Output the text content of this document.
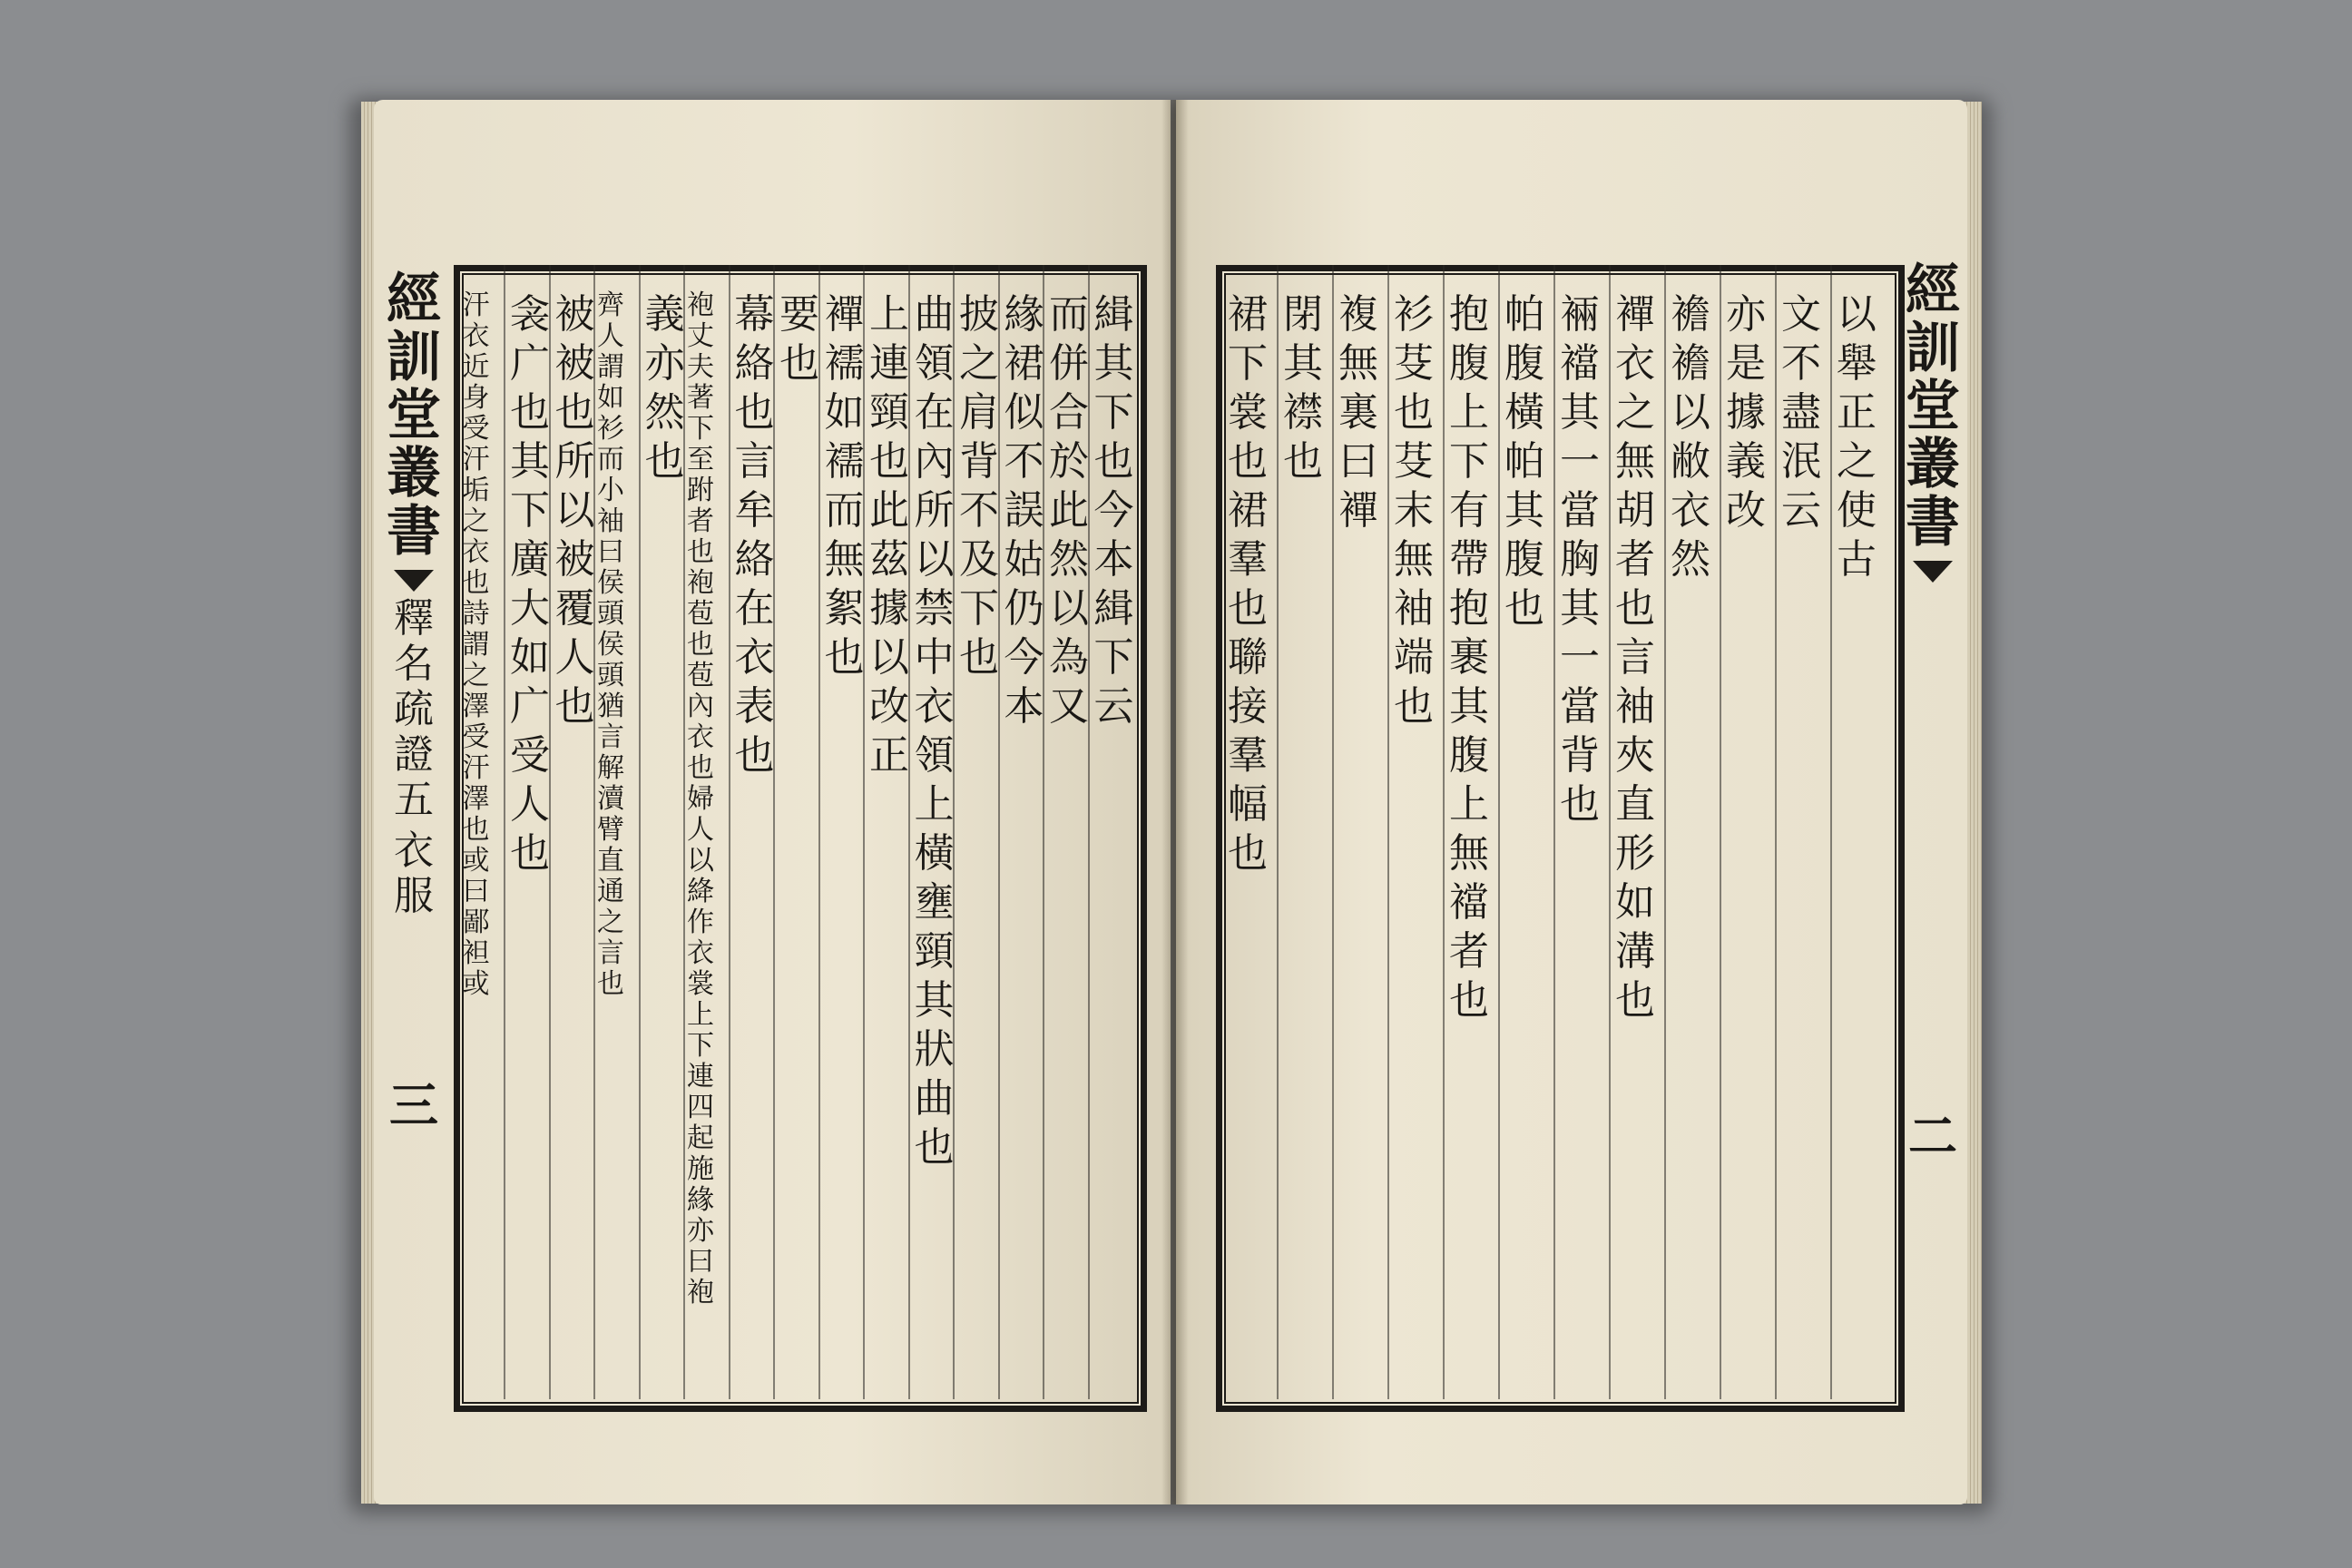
經
訓
堂
叢
書
釋
名
疏
證
五
衣
服
三
經
訓
堂
叢
書
二
緝
其
下
也
今
本
緝
下
云
而
併
合
於
此
然
以
為
又
緣
裙
似
不
誤
姑
仍
今
本
披
之
肩
背
不
及
下
也
曲
領
在
內
所
以
禁
中
衣
領
上
橫
壅
頸
其
狀
曲
也
上
連
頸
也
此
茲
據
以
改
正
襌
襦
如
襦
而
無
絮
也
要
也
幕
絡
也
言
牟
絡
在
衣
表
也
袍
丈
夫
著
下
至
跗
者
也
袍
苞
也
苞
內
衣
也
婦
人
以
絳
作
衣
裳
上
下
連
四
起
施
緣
亦
曰
袍
義
亦
然
也
齊
人
謂
如
衫
而
小
袖
曰
侯
頭
侯
頭
猶
言
解
瀆
臂
直
通
之
言
也
被
被
也
所
以
被
覆
人
也
衾
广
也
其
下
廣
大
如
广
受
人
也
汗
衣
近
身
受
汗
垢
之
衣
也
詩
謂
之
澤
受
汗
澤
也
或
曰
鄙
袒
或
以
舉
正
之
使
古
文
不
盡
泯
云
亦
是
據
義
改
襜
襜
以
敝
衣
然
襌
衣
之
無
胡
者
也
言
袖
夾
直
形
如
溝
也
裲
襠
其
一
當
胸
其
一
當
背
也
帕
腹
橫
帕
其
腹
也
抱
腹
上
下
有
帶
抱
裹
其
腹
上
無
襠
者
也
衫
芟
也
芟
末
無
袖
端
也
複
無
裏
曰
襌
閉
其
襟
也
裙
下
裳
也
裙
羣
也
聯
接
羣
幅
也
